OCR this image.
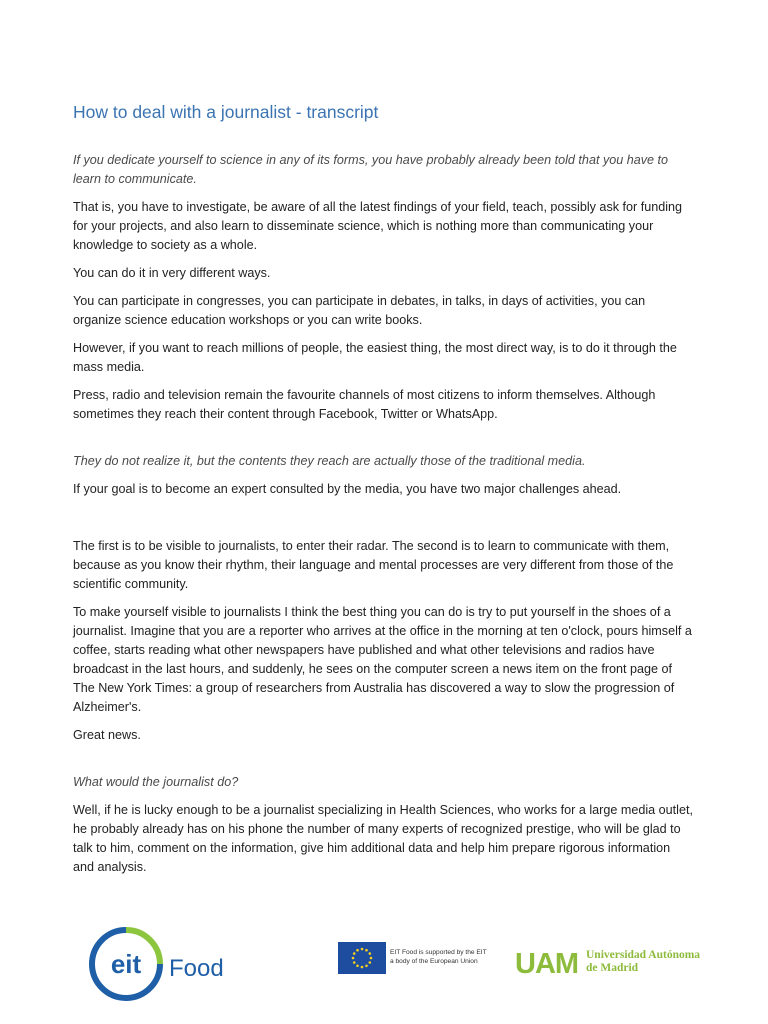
How to deal with a journalist - transcript

If you dedicate yourself to science in any of its forms, you have probably already been told that you have to learn to communicate.

That is, you have to investigate, be aware of all the latest findings of your field, teach, possibly ask for funding for your projects, and also learn to disseminate science, which is nothing more than communicating your knowledge to society as a whole.

You can do it in very different ways.

You can participate in congresses, you can participate in debates, in talks, in days of activities, you can organize science education workshops or you can write books.

However, if you want to reach millions of people, the easiest thing, the most direct way, is to do it through the mass media.

Press, radio and television remain the favourite channels of most citizens to inform themselves. Although sometimes they reach their content through Facebook, Twitter or WhatsApp.

They do not realize it, but the contents they reach are actually those of the traditional media.

If your goal is to become an expert consulted by the media, you have two major challenges ahead.

The first is to be visible to journalists, to enter their radar. The second is to learn to communicate with them, because as you know their rhythm, their language and mental processes are very different from those of the scientific community.

To make yourself visible to journalists I think the best thing you can do is try to put yourself in the shoes of a journalist. Imagine that you are a reporter who arrives at the office in the morning at ten o'clock, pours himself a coffee, starts reading what other newspapers have published and what other televisions and radios have broadcast in the last hours, and suddenly, he sees on the computer screen a news item on the front page of The New York Times: a group of researchers from Australia has discovered a way to slow the progression of Alzheimer's.

Great news.

What would the journalist do?

Well, if he is lucky enough to be a journalist specializing in Health Sciences, who works for a large media outlet, he probably already has on his phone the number of many experts of recognized prestige, who will be glad to talk to him, comment on the information, give him additional data and help him prepare rigorous information and analysis.

eit Food
EIT Food is supported by the EIT
a body of the European Union	UAM Universidad Autónoma
de Madrid
